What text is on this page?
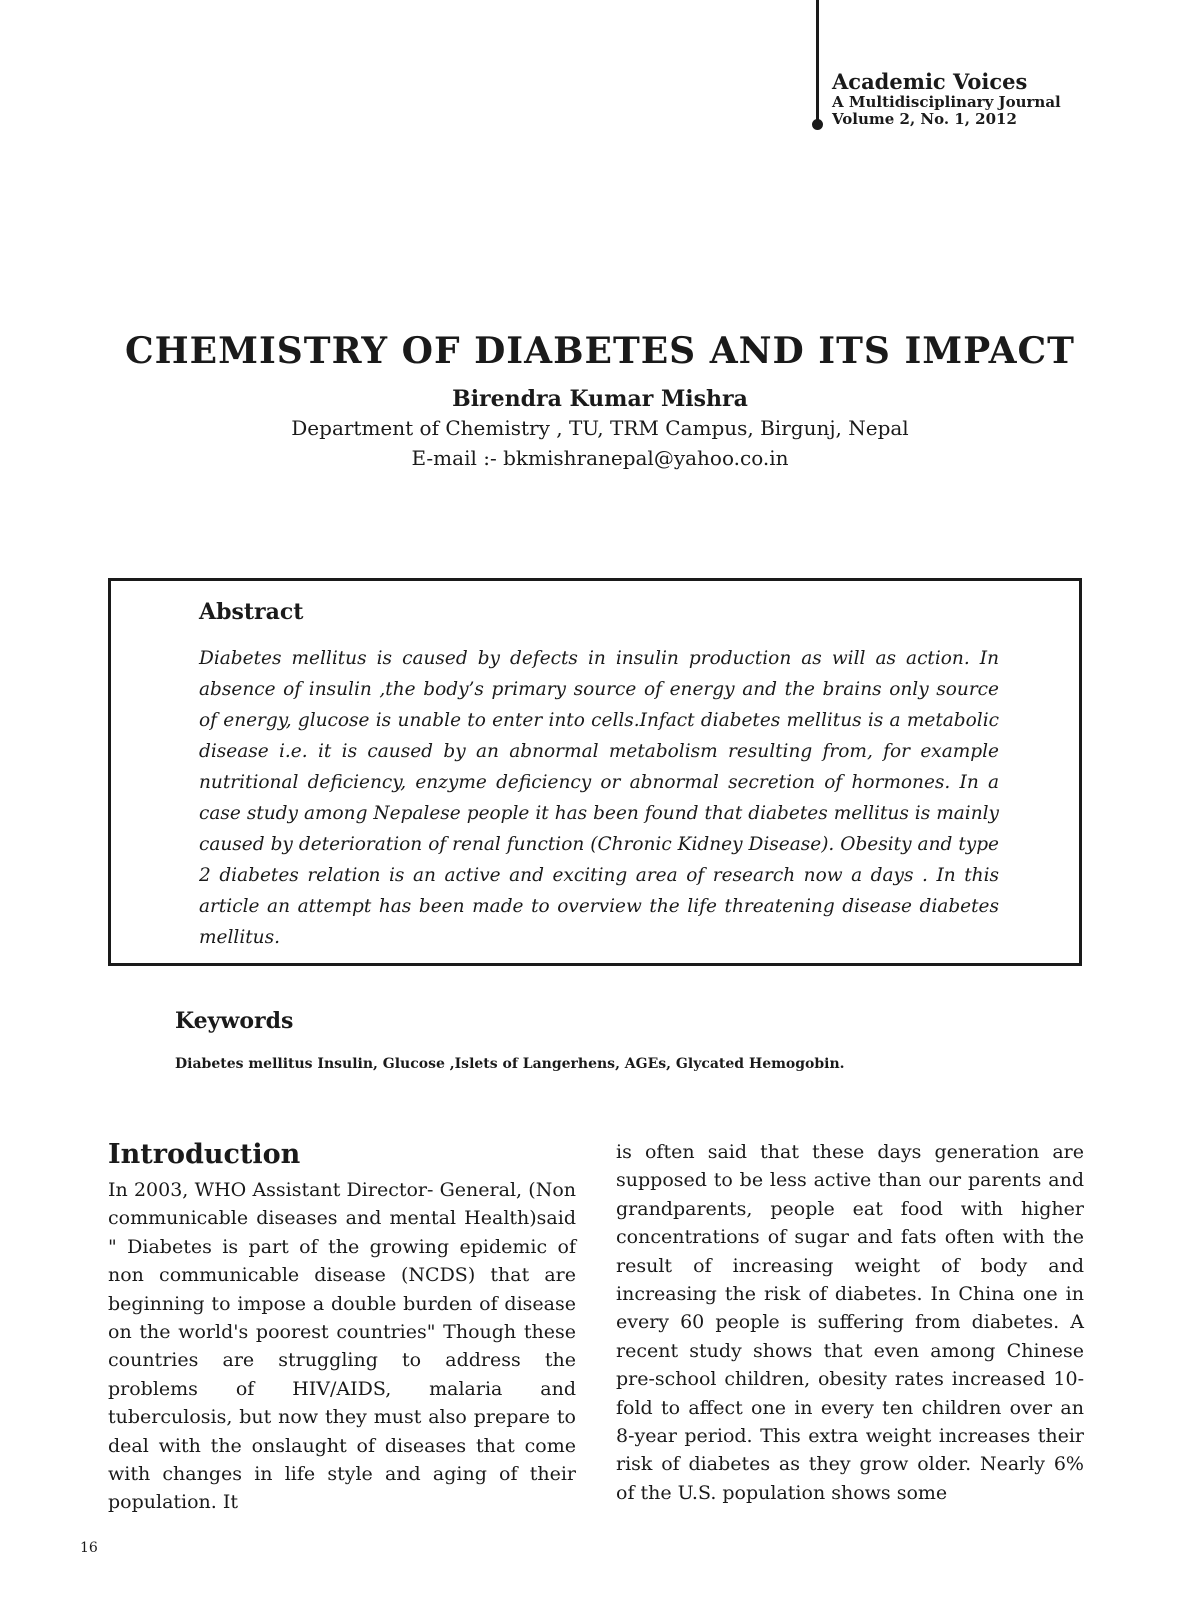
Academic Voices
A Multidisciplinary Journal
Volume 2, No. 1, 2012
CHEMISTRY OF DIABETES AND ITS IMPACT
Birendra Kumar Mishra
Department of Chemistry , TU, TRM Campus, Birgunj, Nepal
E-mail :- bkmishranepal@yahoo.co.in
Abstract
Diabetes mellitus is caused by defects in insulin production as will as action. In absence of insulin ,the body’s primary source of energy and the brains only source of energy, glucose is unable to enter into cells.Infact diabetes mellitus is a metabolic disease i.e. it is caused by an abnormal metabolism resulting from, for example nutritional deficiency, enzyme deficiency or abnormal secretion of hormones. In a case study among Nepalese people it has been found that diabetes mellitus is mainly caused by deterioration of renal function (Chronic Kidney Disease). Obesity and type 2 diabetes relation is an active and exciting area of research now a days . In this article an attempt has been made to overview the life threatening disease diabetes mellitus.
Keywords
Diabetes mellitus Insulin, Glucose ,Islets of Langerhens, AGEs, Glycated Hemogobin.
Introduction

In 2003, WHO Assistant Director- General, (Non communicable diseases and mental Health)said " Diabetes is part of the growing epidemic of non communicable disease (NCDS) that are beginning to impose a double burden of disease on the world's poorest countries" Though these countries are struggling to address the problems of HIV/AIDS, malaria and tuberculosis, but now they must also prepare to deal with the onslaught of diseases that come with changes in life style and aging of their population. It

is often said that these days generation are supposed to be less active than our parents and grandparents, people eat food with higher concentrations of sugar and fats often with the result of increasing weight of body and increasing the risk of diabetes. In China one in every 60 people is suffering from diabetes. A recent study shows that even among Chinese pre-school children, obesity rates increased 10-fold to affect one in every ten children over an 8-year period. This extra weight increases their risk of diabetes as they grow older. Nearly 6% of the U.S. population shows some

16
